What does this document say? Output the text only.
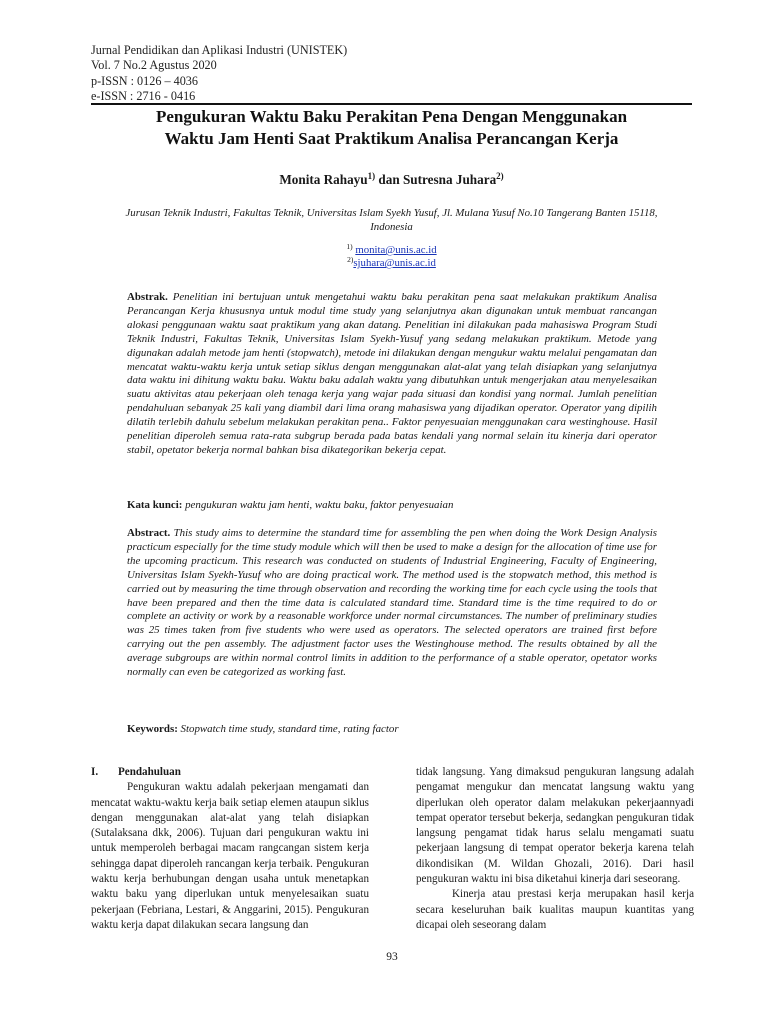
Jurnal Pendidikan dan Aplikasi Industri (UNISTEK)
Vol. 7 No.2 Agustus 2020
p-ISSN : 0126 – 4036
e-ISSN : 2716 - 0416
Pengukuran Waktu Baku Perakitan Pena Dengan Menggunakan
Waktu Jam Henti Saat Praktikum Analisa Perancangan Kerja
Monita Rahayu$^{1)}$ dan Sutresna Juhara$^{2)}$
Jurusan Teknik Industri, Fakultas Teknik, Universitas Islam Syekh Yusuf, Jl. Mulana Yusuf No.10 Tangerang Banten 15118, Indonesia
$^{1)}$ monita@unis.ac.id
$^{2)}$sjuhara@unis.ac.id
Abstrak. Penelitian ini bertujuan untuk mengetahui waktu baku perakitan pena saat melakukan praktikum Analisa Perancangan Kerja khususnya untuk modul time study yang selanjutnya akan digunakan untuk membuat rancangan alokasi penggunaan waktu saat praktikum yang akan datang. Penelitian ini dilakukan pada mahasiswa Program Studi Teknik Industri, Fakultas Teknik, Universitas Islam Syekh-Yusuf yang sedang melakukan praktikum. Metode yang digunakan adalah metode jam henti (stopwatch), metode ini dilakukan dengan mengukur waktu melalui pengamatan dan mencatat waktu-waktu kerja untuk setiap siklus dengan menggunakan alat-alat yang telah disiapkan yang selanjutnya data waktu ini dihitung waktu baku. Waktu baku adalah waktu yang dibutuhkan untuk mengerjakan atau menyelesaikan suatu aktivitas atau pekerjaan oleh tenaga kerja yang wajar pada situasi dan kondisi yang normal. Jumlah penelitian pendahuluan sebanyak 25 kali yang diambil dari lima orang mahasiswa yang dijadikan operator. Operator yang dipilih dilatih terlebih dahulu sebelum melakukan perakitan pena.. Faktor penyesuaian menggunakan cara westinghouse. Hasil penelitian diperoleh semua rata-rata subgrup berada pada batas kendali yang normal selain itu kinerja dari operator stabil, opetator bekerja normal bahkan bisa dikategorikan bekerja cepat.
Kata kunci: pengukuran waktu jam henti, waktu baku, faktor penyesuaian
Abstract. This study aims to determine the standard time for assembling the pen when doing the Work Design Analysis practicum especially for the time study module which will then be used to make a design for the allocation of time use for the upcoming practicum. This research was conducted on students of Industrial Engineering, Faculty of Engineering, Universitas Islam Syekh-Yusuf who are doing practical work. The method used is the stopwatch method, this method is carried out by measuring the time through observation and recording the working time for each cycle using the tools that have been prepared and then the time data is calculated standard time. Standard time is the time required to do or complete an activity or work by a reasonable workforce under normal circumstances. The number of preliminary studies was 25 times taken from five students who were used as operators. The selected operators are trained first before carrying out the pen assembly. The adjustment factor uses the Westinghouse method. The results obtained by all the average subgroups are within normal control limits in addition to the performance of a stable operator, opetator works normally can even be categorized as working fast.
Keywords: Stopwatch time study, standard time, rating factor
I. Pendahuluan

Pengukuran waktu adalah pekerjaan mengamati dan mencatat waktu-waktu kerja baik setiap elemen ataupun siklus dengan menggunakan alat-alat yang telah disiapkan (Sutalaksana dkk, 2006). Tujuan dari pengukuran waktu ini untuk memperoleh berbagai macam rangcangan sistem kerja sehingga dapat diperoleh rancangan kerja terbaik. Pengukuran waktu kerja berhubungan dengan usaha untuk menetapkan waktu baku yang diperlukan untuk menyelesaikan suatu pekerjaan (Febriana, Lestari, & Anggarini, 2015). Pengukuran waktu kerja dapat dilakukan secara langsung dan

tidak langsung. Yang dimaksud pengukuran langsung adalah pengamat mengukur dan mencatat langsung waktu yang diperlukan oleh operator dalam melakukan pekerjaannyadi tempat operator tersebut bekerja, sedangkan pengukuran tidak langsung pengamat tidak harus selalu mengamati suatu pekerjaan langsung di tempat operator bekerja karena telah dikondisikan (M. Wildan Ghozali, 2016). Dari hasil pengukuran waktu ini bisa diketahui kinerja dari seseorang.

Kinerja atau prestasi kerja merupakan hasil kerja secara keseluruhan baik kualitas maupun kuantitas yang dicapai oleh seseorang dalam

93
